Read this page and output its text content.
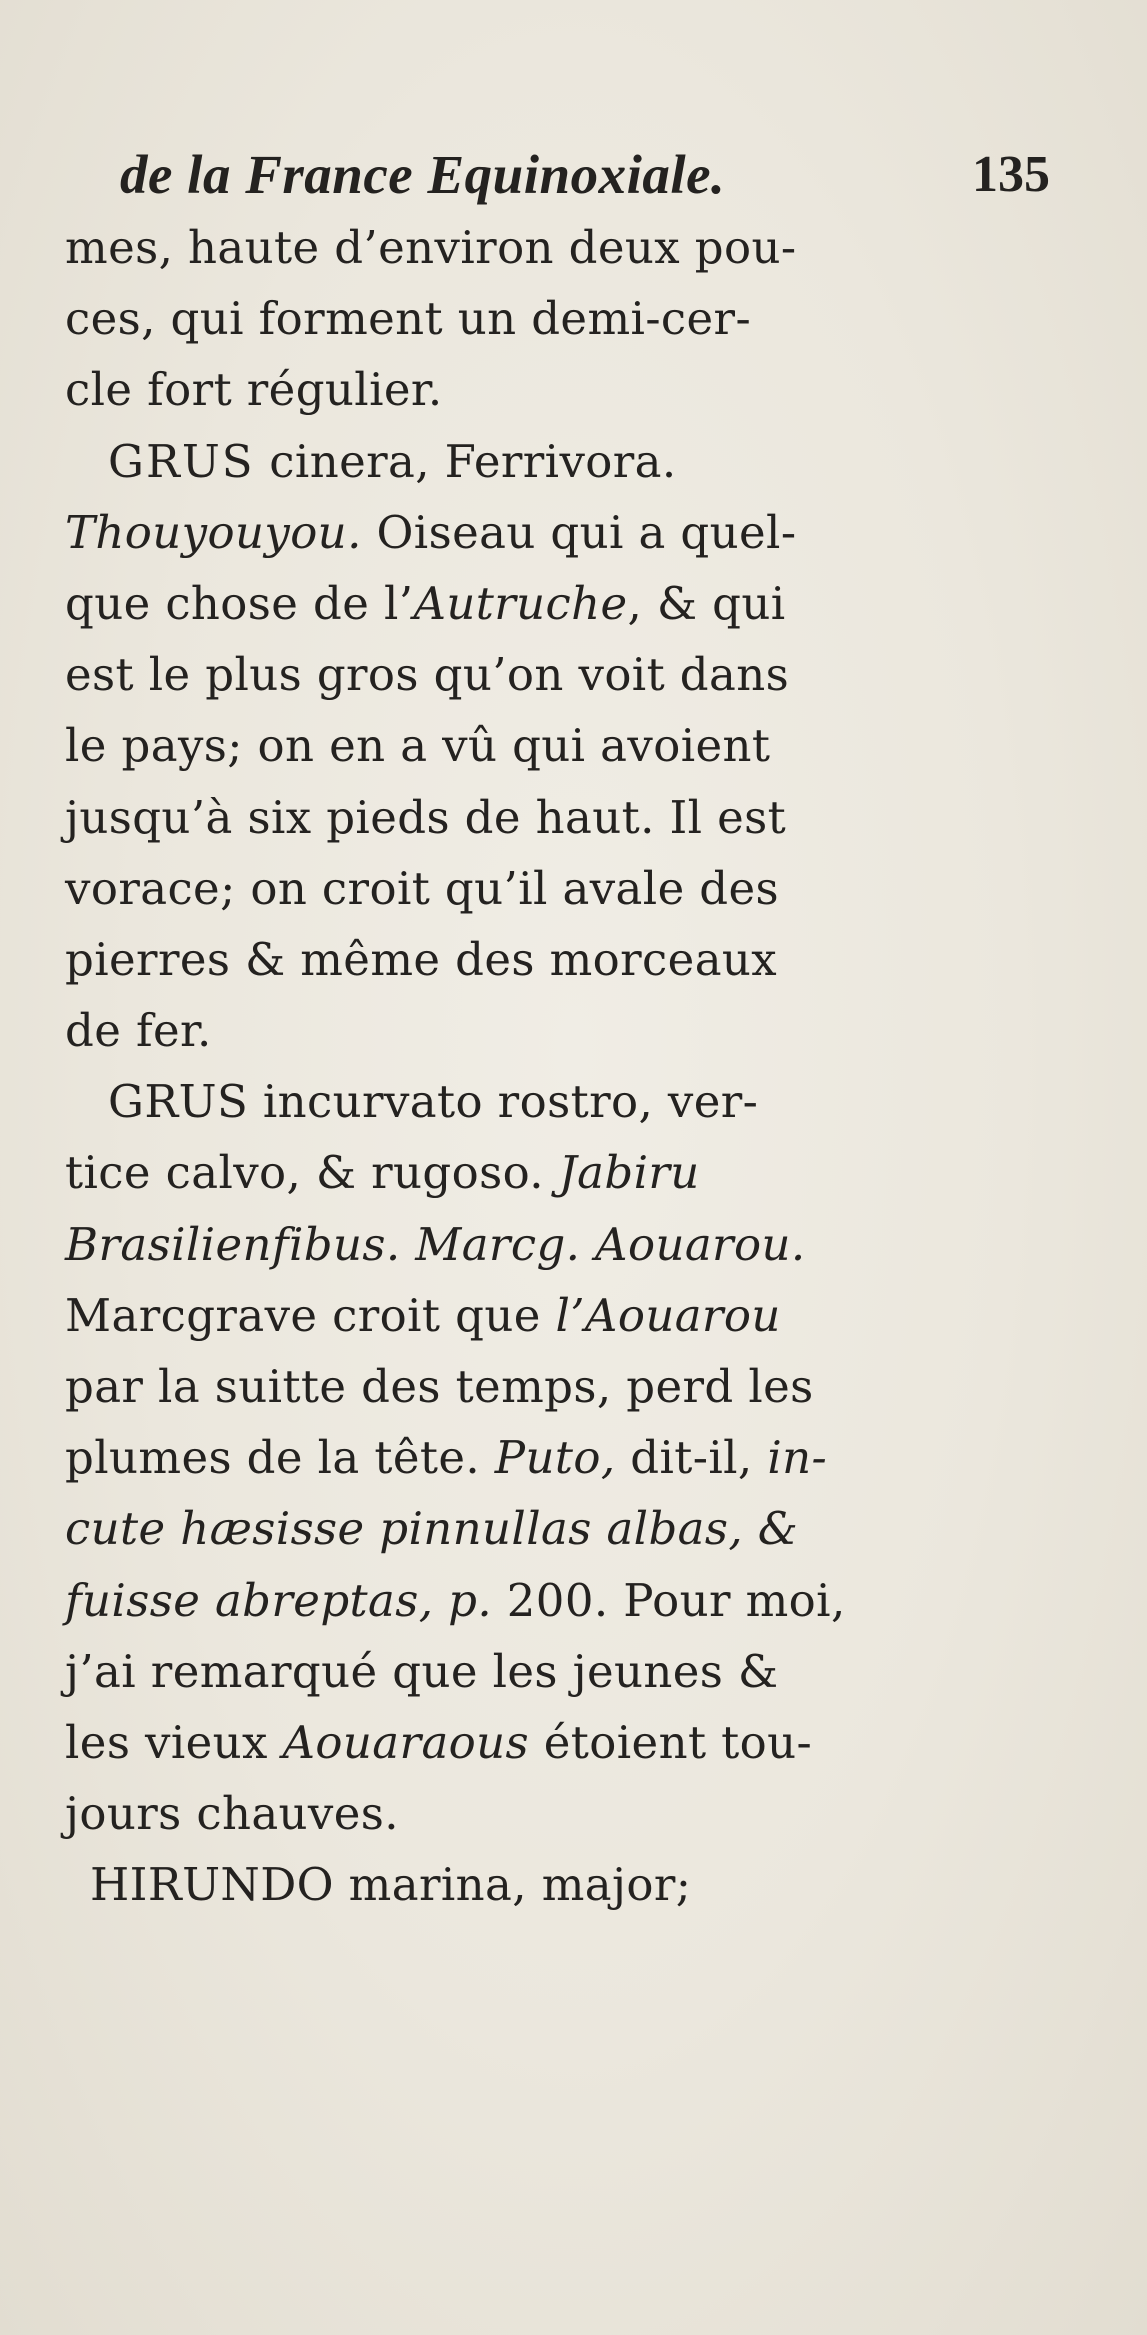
de la France Equinoxiale.	135
mes, haute d’environ deux pou-
ces, qui forment un demi-cer-
cle fort régulier.
GRUS cinera, Ferrivora.
Thouyouyou. Oiseau qui a quel-
que chose de l’Autruche, & qui
est le plus gros qu’on voit dans
le pays; on en a vû qui avoient
jusqu’à six pieds de haut. Il est
vorace; on croit qu’il avale des
pierres & même des morceaux
de fer.
GRUS incurvato rostro, ver-
tice calvo, & rugoso. Jabiru
Brasilienfibus. Marcg. Aouarou.
Marcgrave croit que l’Aouarou
par la suitte des temps, perd les
plumes de la tête. Puto, dit-il, in-
cute hæsisse pinnullas albas, &
fuisse abreptas, p. 200. Pour moi,
j’ai remarqué que les jeunes &
les vieux Aouaraous étoient tou-
jours chauves.
HIRUNDO marina, major;
